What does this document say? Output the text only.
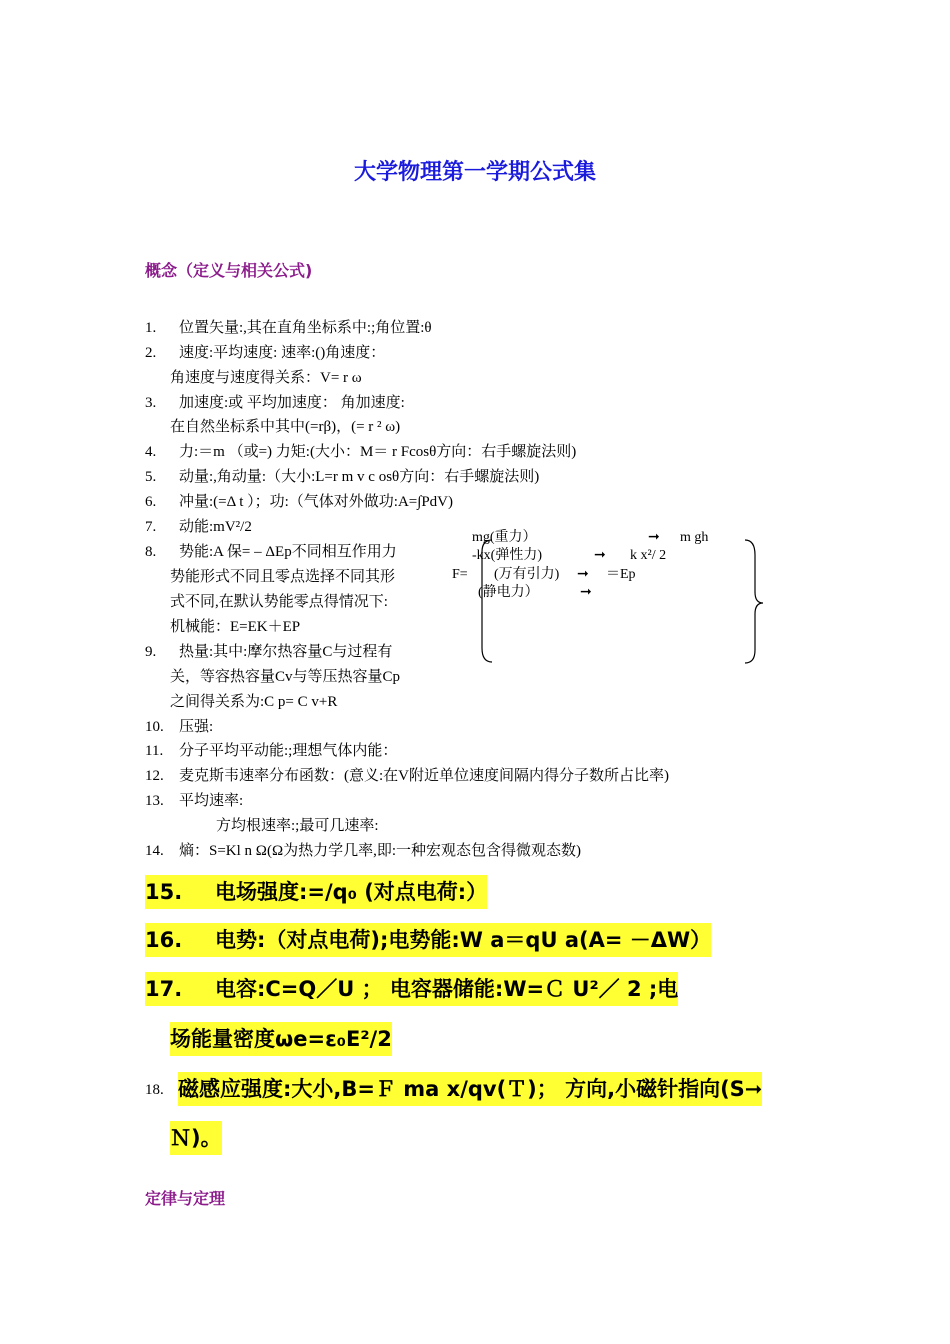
大学物理第一学期公式集
概念（定义与相关公式)
1. 位置矢量:,其在直角坐标系中:;角位置:θ
2. 速度:平均速度: 速率:()角速度：
角速度与速度得关系：V= r ω
3. 加速度:或 平均加速度： 角加速度:
在自然坐标系中其中(=rβ)，(= r ² ω)
4. 力:＝m （或=) 力矩:(大小：M＝ r Fcosθ方向：右手螺旋法则)
5. 动量:,角动量:（大小:L=r m v c osθ方向：右手螺旋法则)
6. 冲量:(=Δ t ）；功:（气体对外做功:A=∫PdV)
7. 动能:mV²/2
8. 势能:A 保= – ΔEp不同相互作用力
势能形式不同且零点选择不同其形
式不同,在默认势能零点得情况下:
机械能：E=EK＋EP
F=
mg(重力）	➞ m gh
-kx(弹性力)	➞ k x²/ 2
(万有引力) ➞ ＝Ep
(静电力）	➞
9. 热量:其中:摩尔热容量C与过程有
关，等容热容量Cv与等压热容量Cp
之间得关系为:C p= C v+R
10. 压强:
11. 分子平均平动能:;理想气体内能：
12. 麦克斯韦速率分布函数：(意义:在V附近单位速度间隔内得分子数所占比率)
13. 平均速率:
方均根速率:;最可几速率:
14. 熵：S=Kl n Ω(Ω为热力学几率,即:一种宏观态包含得微观态数)
15. 电场强度:=/q₀ (对点电荷:）
16. 电势:（对点电荷);电势能:W a＝qU a(A= －ΔW）
17. 电容:C=Q／U ； 电容器储能:W=Ｃ U²／ 2 ;电
场能量密度ωe=ε₀E²/2
18. 磁感应强度:大小,B=Ｆ ma x/qv(Ｔ)； 方向,小磁针指向(S➞
Ｎ)。
定律与定理
